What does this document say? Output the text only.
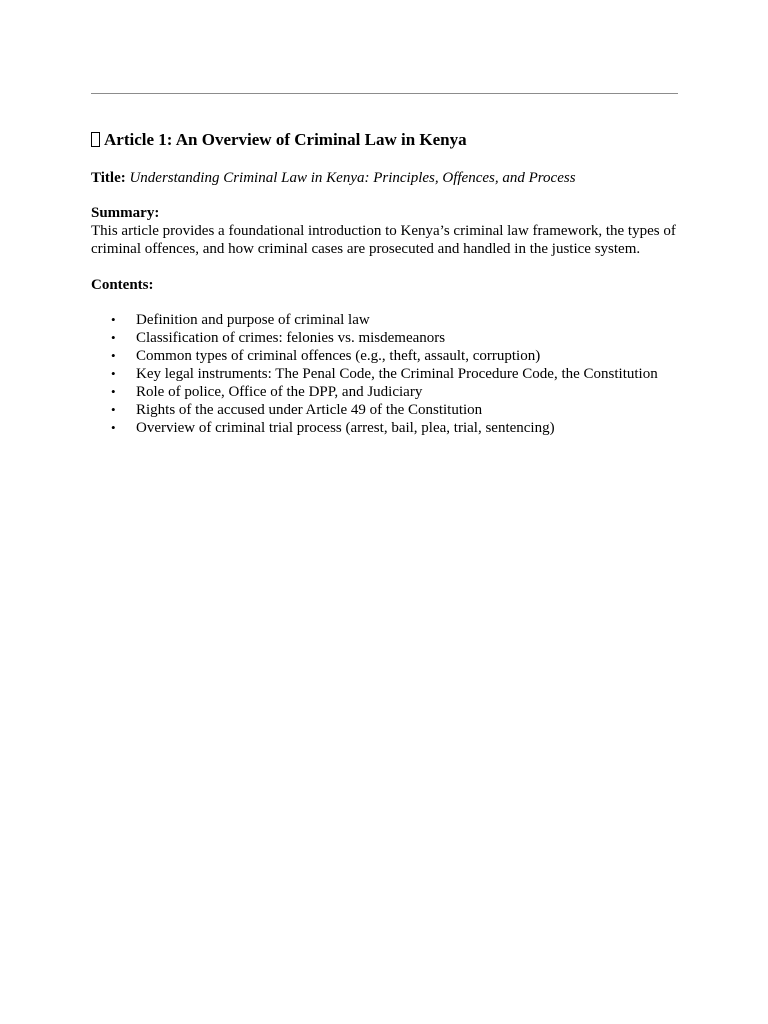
Article 1: An Overview of Criminal Law in Kenya
Title: Understanding Criminal Law in Kenya: Principles, Offences, and Process
Summary:
This article provides a foundational introduction to Kenya’s criminal law framework, the types of criminal offences, and how criminal cases are prosecuted and handled in the justice system.
Contents:
• Definition and purpose of criminal law
• Classification of crimes: felonies vs. misdemeanors
• Common types of criminal offences (e.g., theft, assault, corruption)
• Key legal instruments: The Penal Code, the Criminal Procedure Code, the Constitution
• Role of police, Office of the DPP, and Judiciary
• Rights of the accused under Article 49 of the Constitution
• Overview of criminal trial process (arrest, bail, plea, trial, sentencing)
